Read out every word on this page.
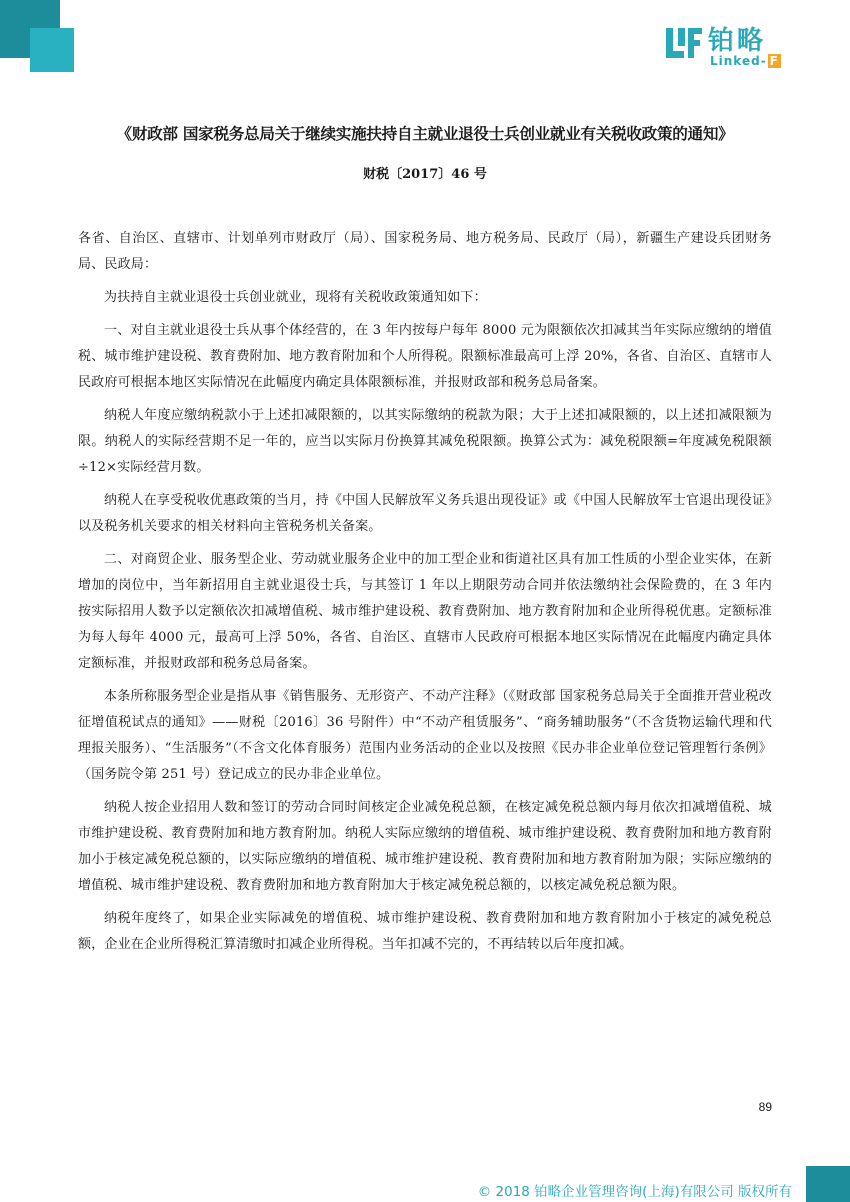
铂略
Linked- F
《财政部 国家税务总局关于继续实施扶持自主就业退役士兵创业就业有关税收政策的通知》
财税〔2017〕46 号

各省、自治区、直辖市、计划单列市财政厅（局）、国家税务局、地方税务局、民政厅（局），新疆生产建设兵团财务局、民政局：

为扶持自主就业退役士兵创业就业，现将有关税收政策通知如下：

一、对自主就业退役士兵从事个体经营的，在 3 年内按每户每年 8000 元为限额依次扣减其当年实际应缴纳的增值税、城市维护建设税、教育费附加、地方教育附加和个人所得税。限额标准最高可上浮 20%，各省、自治区、直辖市人民政府可根据本地区实际情况在此幅度内确定具体限额标准，并报财政部和税务总局备案。

纳税人年度应缴纳税款小于上述扣减限额的，以其实际缴纳的税款为限；大于上述扣减限额的，以上述扣减限额为限。纳税人的实际经营期不足一年的，应当以实际月份换算其减免税限额。换算公式为：减免税限额=年度减免税限额÷12×实际经营月数。

纳税人在享受税收优惠政策的当月，持《中国人民解放军义务兵退出现役证》或《中国人民解放军士官退出现役证》以及税务机关要求的相关材料向主管税务机关备案。

二、对商贸企业、服务型企业、劳动就业服务企业中的加工型企业和街道社区具有加工性质的小型企业实体，在新增加的岗位中，当年新招用自主就业退役士兵，与其签订 1 年以上期限劳动合同并依法缴纳社会保险费的，在 3 年内按实际招用人数予以定额依次扣减增值税、城市维护建设税、教育费附加、地方教育附加和企业所得税优惠。定额标准为每人每年 4000 元，最高可上浮 50%，各省、自治区、直辖市人民政府可根据本地区实际情况在此幅度内确定具体定额标准，并报财政部和税务总局备案。

本条所称服务型企业是指从事《销售服务、无形资产、不动产注释》（《财政部 国家税务总局关于全面推开营业税改征增值税试点的通知》——财税〔2016〕36 号附件）中“不动产租赁服务”、“商务辅助服务”（不含货物运输代理和代理报关服务）、“生活服务”（不含文化体育服务）范围内业务活动的企业以及按照《民办非企业单位登记管理暂行条例》（国务院令第 251 号）登记成立的民办非企业单位。

纳税人按企业招用人数和签订的劳动合同时间核定企业减免税总额，在核定减免税总额内每月依次扣减增值税、城市维护建设税、教育费附加和地方教育附加。纳税人实际应缴纳的增值税、城市维护建设税、教育费附加和地方教育附加小于核定减免税总额的，以实际应缴纳的增值税、城市维护建设税、教育费附加和地方教育附加为限；实际应缴纳的增值税、城市维护建设税、教育费附加和地方教育附加大于核定减免税总额的，以核定减免税总额为限。

纳税年度终了，如果企业实际减免的增值税、城市维护建设税、教育费附加和地方教育附加小于核定的减免税总额，企业在企业所得税汇算清缴时扣减企业所得税。当年扣减不完的，不再结转以后年度扣减。

89
© 2018 铂略企业管理咨询(上海)有限公司 版权所有
